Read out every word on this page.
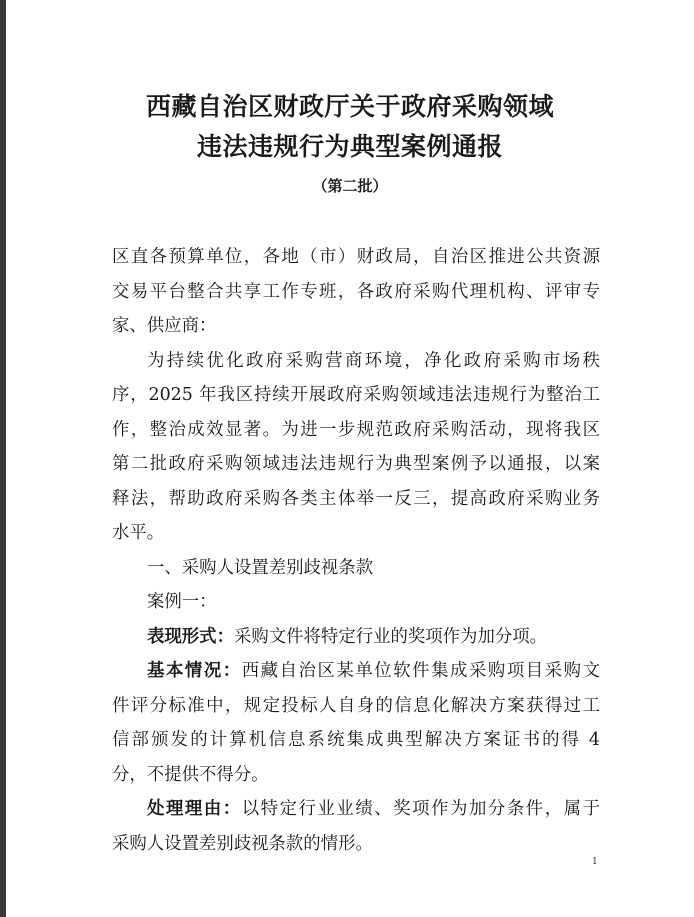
西藏自治区财政厅关于政府采购领域
违法违规行为典型案例通报
（第二批）
区直各预算单位，各地（市）财政局，自治区推进公共资源
交易平台整合共享工作专班，各政府采购代理机构、评审专
家、供应商：
为持续优化政府采购营商环境，净化政府采购市场秩
序，2025 年我区持续开展政府采购领域违法违规行为整治工
作，整治成效显著。为进一步规范政府采购活动，现将我区
第二批政府采购领域违法违规行为典型案例予以通报，以案
释法，帮助政府采购各类主体举一反三，提高政府采购业务
水平。
一、采购人设置差别歧视条款
案例一：
表现形式：采购文件将特定行业的奖项作为加分项。
基本情况：西藏自治区某单位软件集成采购项目采购文
件评分标准中，规定投标人自身的信息化解决方案获得过工
信部颁发的计算机信息系统集成典型解决方案证书的得 4
分，不提供不得分。
处理理由：以特定行业业绩、奖项作为加分条件，属于
采购人设置差别歧视条款的情形。
1
